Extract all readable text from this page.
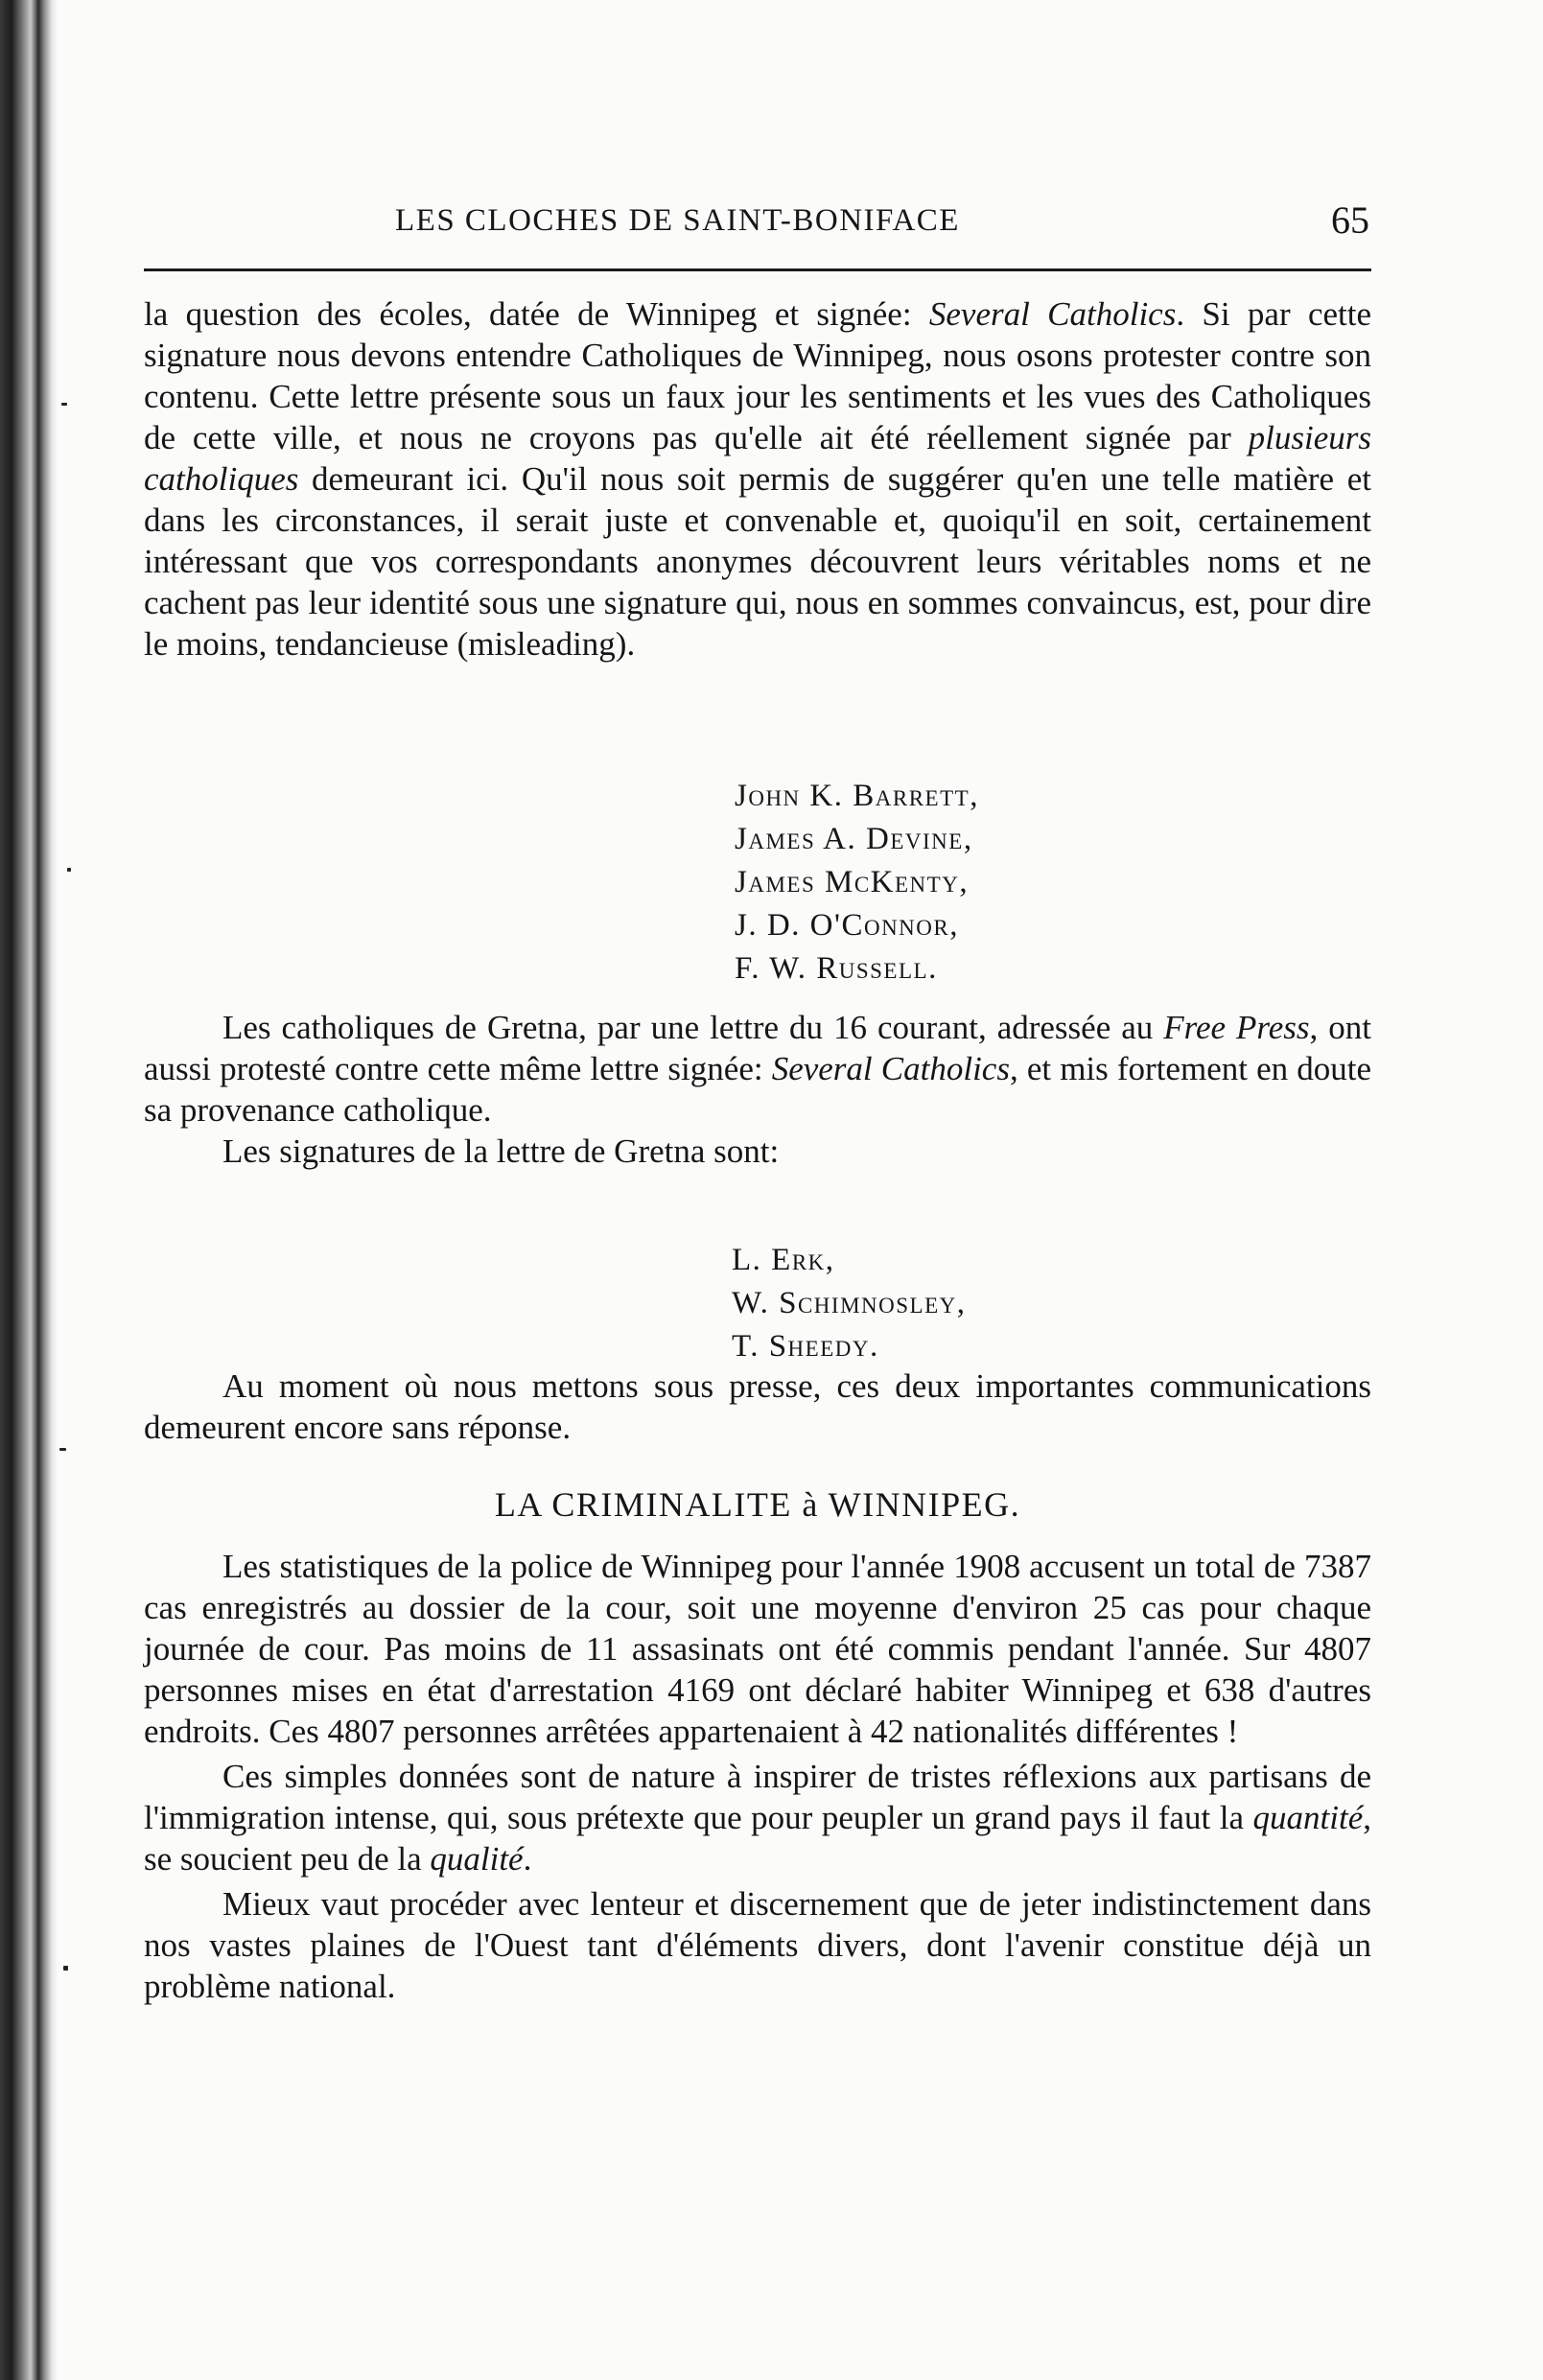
LES CLOCHES DE SAINT-BONIFACE	65

la question des écoles, datée de Winnipeg et signée: Several Catholics. Si par cette signature nous devons entendre Catholiques de Winnipeg, nous osons protester contre son contenu. Cette lettre présente sous un faux jour les sentiments et les vues des Catholiques de cette ville, et nous ne croyons pas qu'elle ait été réellement signée par plusieurs catholiques demeurant ici. Qu'il nous soit permis de suggérer qu'en une telle matière et dans les circonstances, il serait juste et convenable et, quoiqu'il en soit, certainement intéressant que vos correspondants anonymes découvrent leurs véritables noms et ne cachent pas leur identité sous une signature qui, nous en sommes convaincus, est, pour dire le moins, tendancieuse (misleading).

John K. Barrett,
James A. Devine,
James McKenty,
J. D. O'Connor,
F. W. Russell.

Les catholiques de Gretna, par une lettre du 16 courant, adressée au Free Press, ont aussi protesté contre cette même lettre signée: Several Catholics, et mis fortement en doute sa provenance catholique.

Les signatures de la lettre de Gretna sont:

L. Erk,
W. Schimnosley,
T. Sheedy.

Au moment où nous mettons sous presse, ces deux importantes communications demeurent encore sans réponse.

LA CRIMINALITE à WINNIPEG.

Les statistiques de la police de Winnipeg pour l'année 1908 accusent un total de 7387 cas enregistrés au dossier de la cour, soit une moyenne d'environ 25 cas pour chaque journée de cour. Pas moins de 11 assasinats ont été commis pendant l'année. Sur 4807 personnes mises en état d'arrestation 4169 ont déclaré habiter Winnipeg et 638 d'autres endroits. Ces 4807 personnes arrêtées appartenaient à 42 nationalités différentes !

Ces simples données sont de nature à inspirer de tristes réflexions aux partisans de l'immigration intense, qui, sous prétexte que pour peupler un grand pays il faut la quantité, se soucient peu de la qualité.

Mieux vaut procéder avec lenteur et discernement que de jeter indistinctement dans nos vastes plaines de l'Ouest tant d'éléments divers, dont l'avenir constitue déjà un problème national.
